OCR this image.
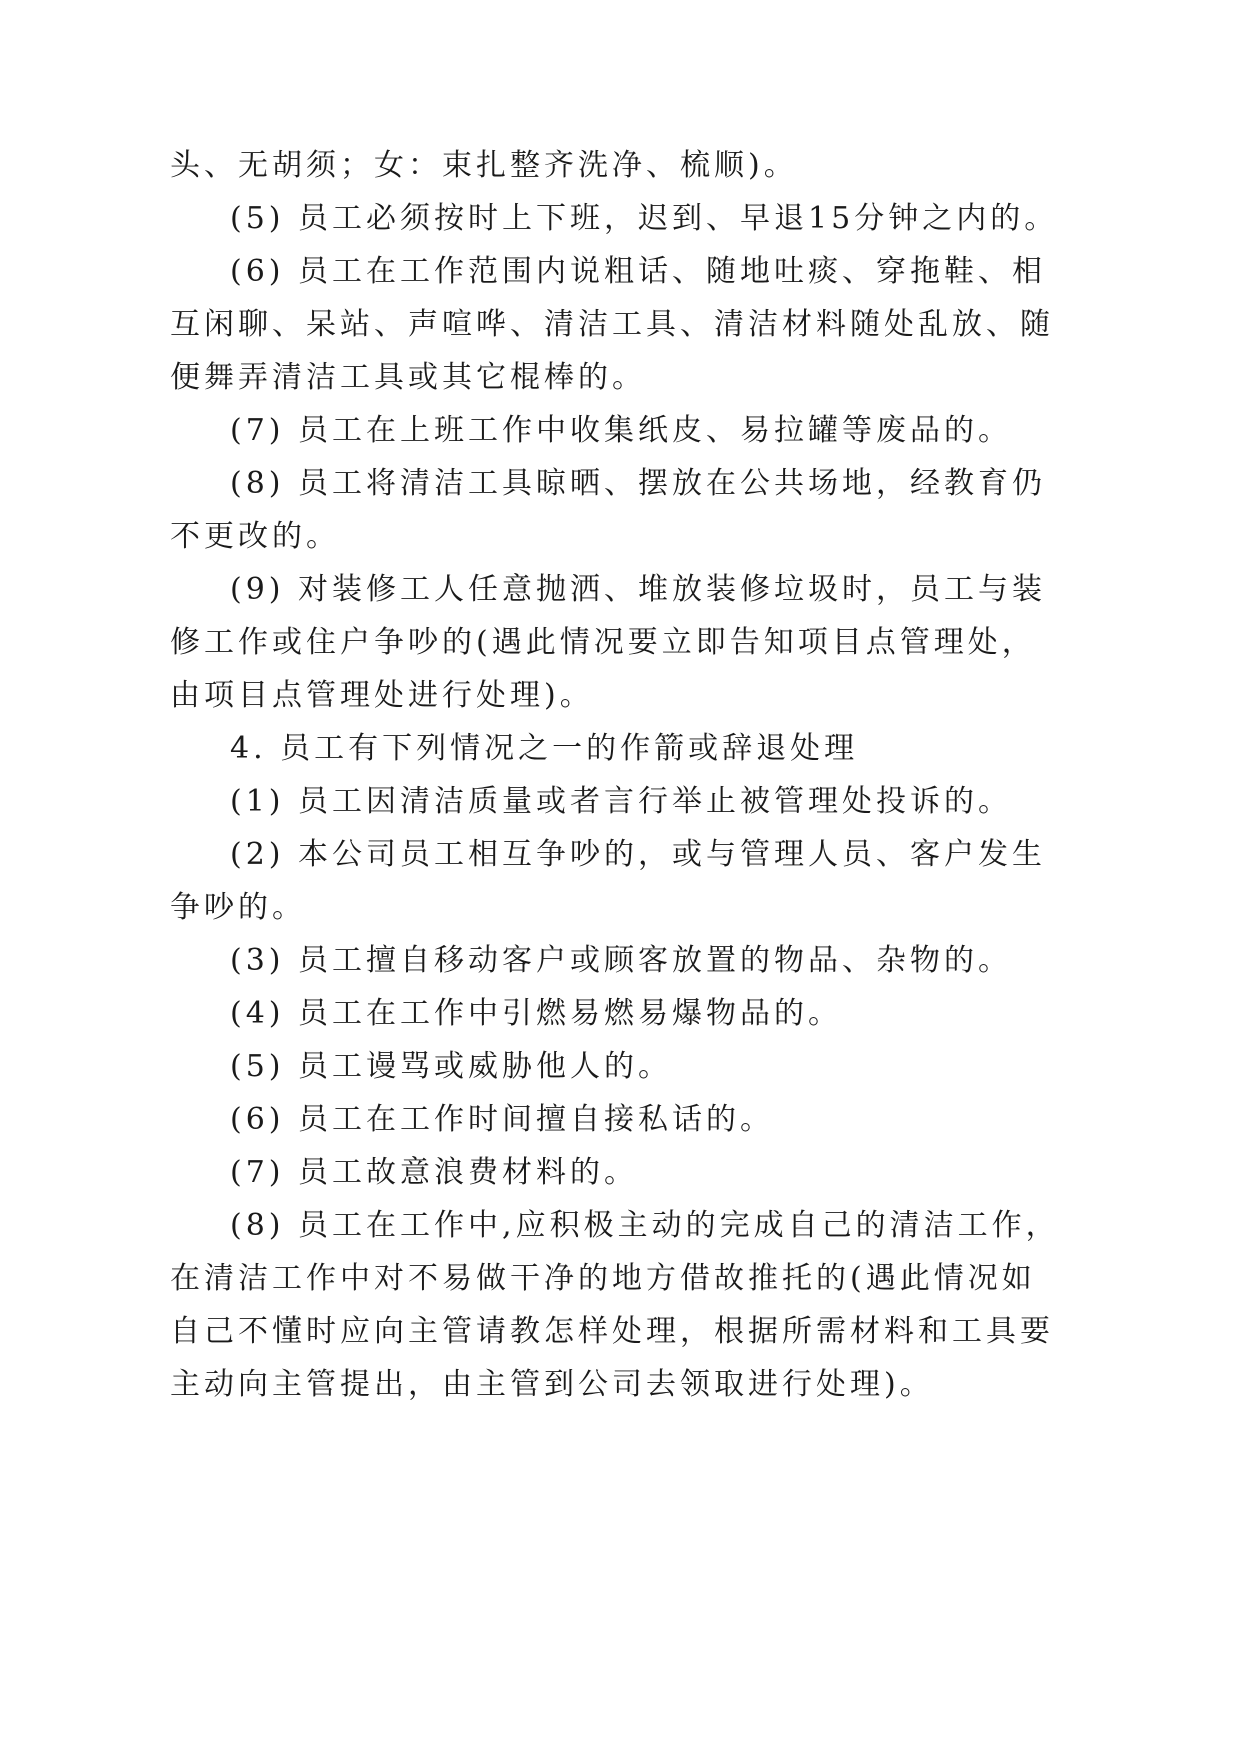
头、无胡须；女：束扎整齐洗净、梳顺)。
(5) 员工必须按时上下班，迟到、早退15分钟之内的。
(6) 员工在工作范围内说粗话、随地吐痰、穿拖鞋、相
互闲聊、呆站、声喧哗、清洁工具、清洁材料随处乱放、随
便舞弄清洁工具或其它棍棒的。
(7) 员工在上班工作中收集纸皮、易拉罐等废品的。
(8) 员工将清洁工具晾晒、摆放在公共场地，经教育仍
不更改的。
(9) 对装修工人任意抛洒、堆放装修垃圾时，员工与装
修工作或住户争吵的(遇此情况要立即告知项目点管理处，
由项目点管理处进行处理)。
4. 员工有下列情况之一的作箭或辞退处理
(1) 员工因清洁质量或者言行举止被管理处投诉的。
(2) 本公司员工相互争吵的，或与管理人员、客户发生
争吵的。
(3) 员工擅自移动客户或顾客放置的物品、杂物的。
(4) 员工在工作中引燃易燃易爆物品的。
(5) 员工谩骂或威胁他人的。
(6) 员工在工作时间擅自接私话的。
(7) 员工故意浪费材料的。
(8) 员工在工作中,应积极主动的完成自己的清洁工作，
在清洁工作中对不易做干净的地方借故推托的(遇此情况如
自己不懂时应向主管请教怎样处理，根据所需材料和工具要
主动向主管提出，由主管到公司去领取进行处理)。
